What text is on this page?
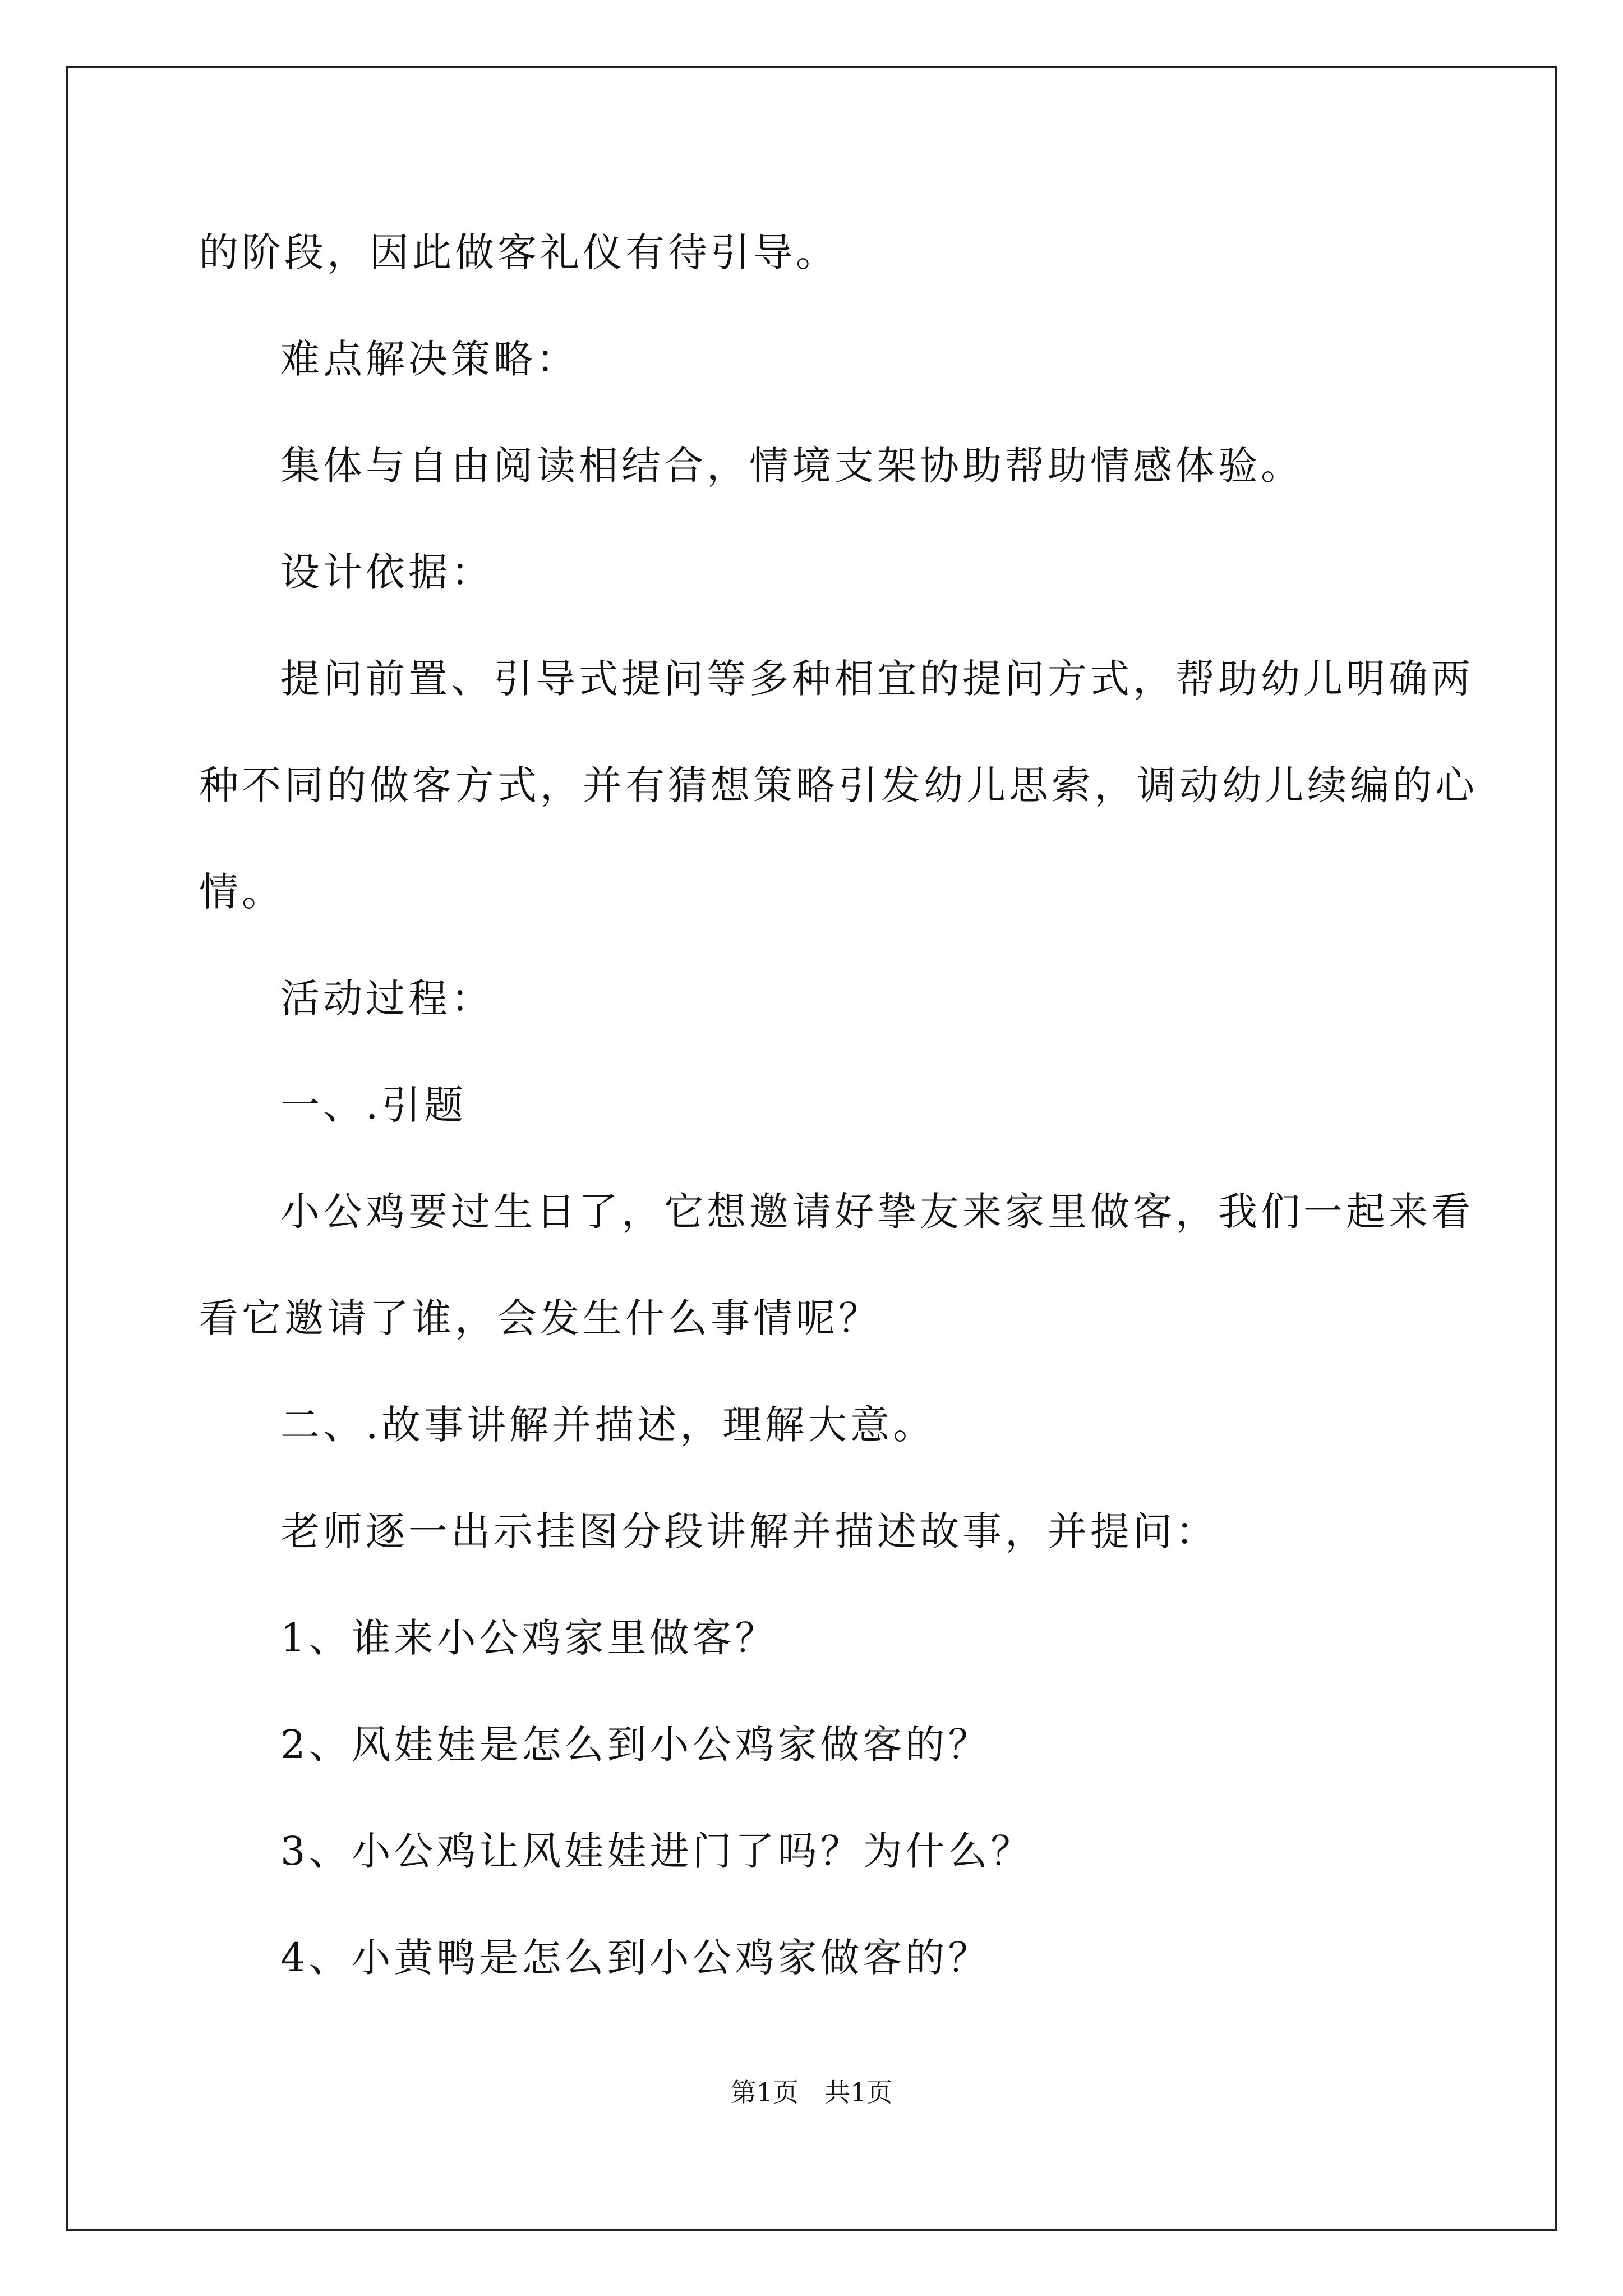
的阶段，因此做客礼仪有待引导。

难点解决策略：

集体与自由阅读相结合，情境支架协助帮助情感体验。

设计依据：

提问前置、引导式提问等多种相宜的提问方式，帮助幼儿明确两

种不同的做客方式，并有猜想策略引发幼儿思索，调动幼儿续编的心

情。

活动过程：

一、.引题

小公鸡要过生日了，它想邀请好挚友来家里做客，我们一起来看

看它邀请了谁，会发生什么事情呢？

二、.故事讲解并描述，理解大意。

老师逐一出示挂图分段讲解并描述故事，并提问：

1、谁来小公鸡家里做客？

2、风娃娃是怎么到小公鸡家做客的？

3、小公鸡让风娃娃进门了吗？为什么？

4、小黄鸭是怎么到小公鸡家做客的？

第1页　共1页
